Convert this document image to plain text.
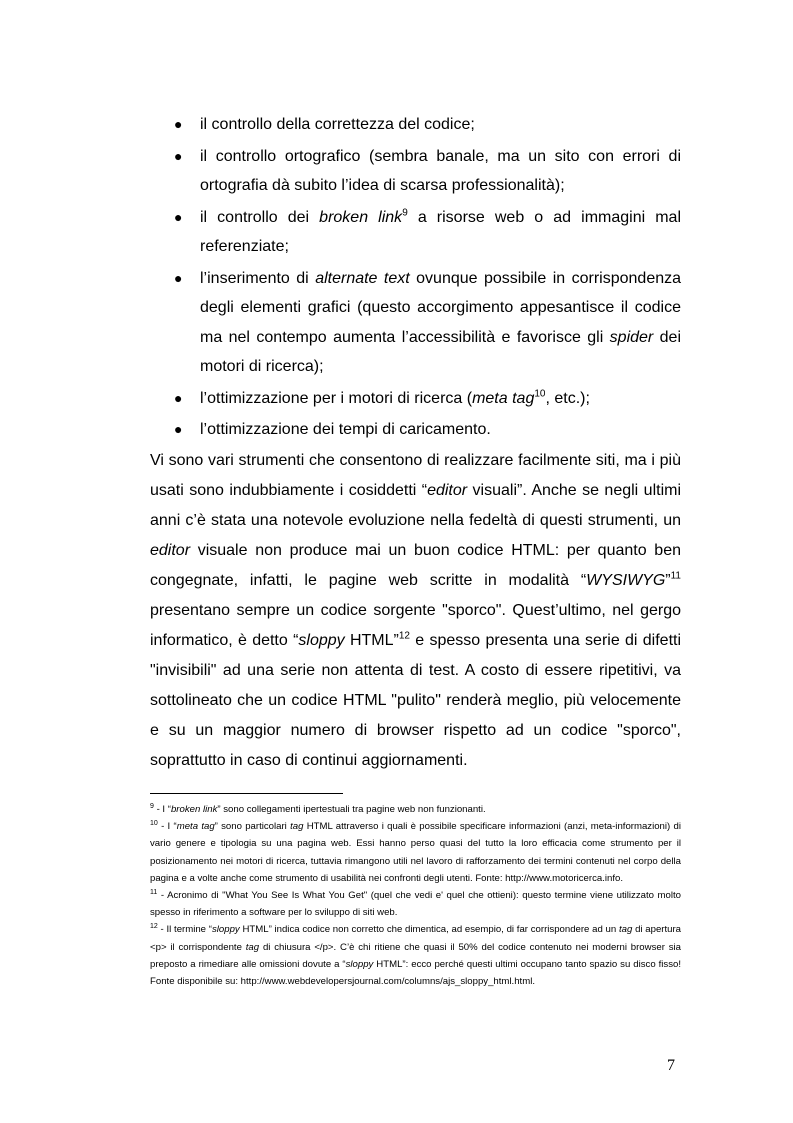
● il controllo della correttezza del codice;
● il controllo ortografico (sembra banale, ma un sito con errori di ortografia dà subito l’idea di scarsa professionalità);
● il controllo dei broken link$^9$ a risorse web o ad immagini mal referenziate;
● l’inserimento di alternate text ovunque possibile in corrispondenza degli elementi grafici (questo accorgimento appesantisce il codice ma nel contempo aumenta l’accessibilità e favorisce gli spider dei motori di ricerca);
● l’ottimizzazione per i motori di ricerca (meta tag$^{10}$, etc.);
● l’ottimizzazione dei tempi di caricamento.

Vi sono vari strumenti che consentono di realizzare facilmente siti, ma i più usati sono indubbiamente i cosiddetti “editor visuali”. Anche se negli ultimi anni c’è stata una notevole evoluzione nella fedeltà di questi strumenti, un editor visuale non produce mai un buon codice HTML: per quanto ben congegnate, infatti, le pagine web scritte in modalità “WYSIWYG”$^{11}$ presentano sempre un codice sorgente "sporco". Quest’ultimo, nel gergo informatico, è detto “sloppy HTML”$^{12}$ e spesso presenta una serie di difetti "invisibili" ad una serie non attenta di test. A costo di essere ripetitivi, va sottolineato che un codice HTML "pulito" renderà meglio, più velocemente e su un maggior numero di browser rispetto ad un codice "sporco", soprattutto in caso di continui aggiornamenti.

$^9$ - I “broken link” sono collegamenti ipertestuali tra pagine web non funzionanti.

$^{10}$ - I “meta tag” sono particolari tag HTML attraverso i quali è possibile specificare informazioni (anzi, meta-informazioni) di vario genere e tipologia su una pagina web. Essi hanno perso quasi del tutto la loro efficacia come strumento per il posizionamento nei motori di ricerca, tuttavia rimangono utili nel lavoro di rafforzamento dei termini contenuti nel corpo della pagina e a volte anche come strumento di usabilità nei confronti degli utenti. Fonte: http://www.motoricerca.info.

$^{11}$ - Acronimo di "What You See Is What You Get" (quel che vedi e' quel che ottieni): questo termine viene utilizzato molto spesso in riferimento a software per lo sviluppo di siti web.

$^{12}$ - Il termine “sloppy HTML” indica codice non corretto che dimentica, ad esempio, di far corrispondere ad un tag di apertura <p> il corrispondente tag di chiusura </p>. C’è chi ritiene che quasi il 50% del codice contenuto nei moderni browser sia preposto a rimediare alle omissioni dovute a “sloppy HTML”: ecco perché questi ultimi occupano tanto spazio su disco fisso! Fonte disponibile su: http://www.webdevelopersjournal.com/columns/ajs_sloppy_html.html.

7
